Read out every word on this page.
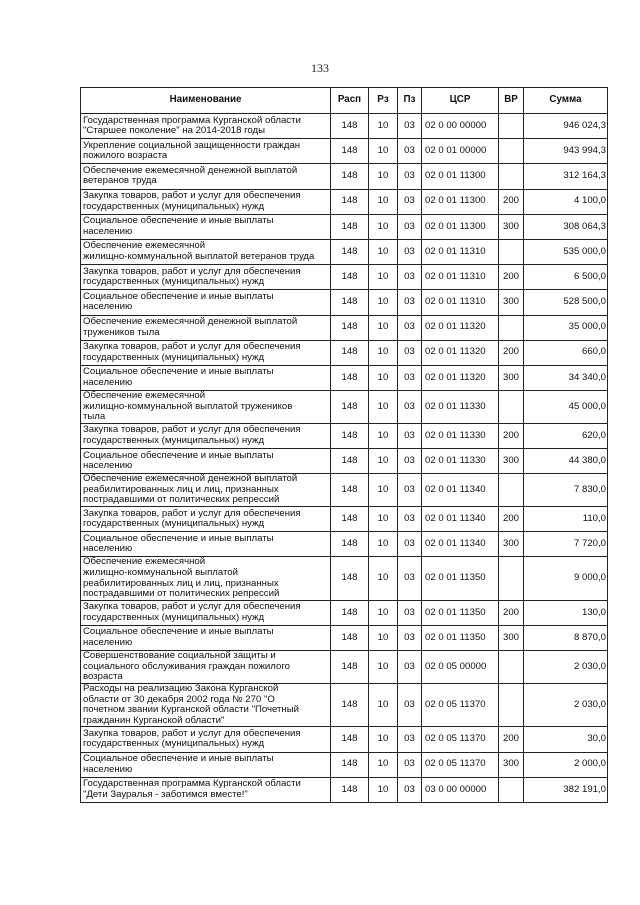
133
Наименование	Расп	Рз	Пз	ЦСР	ВР	Сумма

Государственная программа Курганской области
"Старшее поколение" на 2014-2018 годы	148	10	03	02 0 00 00000		946 024,3

Укрепление социальной защищенности граждан
пожилого возраста	148	10	03	02 0 01 00000		943 994,3

Обеспечение ежемесячной денежной выплатой
ветеранов труда	148	10	03	02 0 01 11300		312 164,3

Закупка товаров, работ и услуг для обеспечения
государственных (муниципальных) нужд	148	10	03	02 0 01 11300	200	4 100,0

Социальное обеспечение и иные выплаты
населению	148	10	03	02 0 01 11300	300	308 064,3

Обеспечение ежемесячной
жилищно-коммунальной выплатой ветеранов труда	148	10	03	02 0 01 11310		535 000,0

Закупка товаров, работ и услуг для обеспечения
государственных (муниципальных) нужд	148	10	03	02 0 01 11310	200	6 500,0

Социальное обеспечение и иные выплаты
населению	148	10	03	02 0 01 11310	300	528 500,0

Обеспечение ежемесячной денежной выплатой
тружеников тыла	148	10	03	02 0 01 11320		35 000,0

Закупка товаров, работ и услуг для обеспечения
государственных (муниципальных) нужд	148	10	03	02 0 01 11320	200	660,0

Социальное обеспечение и иные выплаты
населению	148	10	03	02 0 01 11320	300	34 340,0

Обеспечение ежемесячной
жилищно-коммунальной выплатой тружеников
тыла	148	10	03	02 0 01 11330		45 000,0

Закупка товаров, работ и услуг для обеспечения
государственных (муниципальных) нужд	148	10	03	02 0 01 11330	200	620,0

Социальное обеспечение и иные выплаты
населению	148	10	03	02 0 01 11330	300	44 380,0

Обеспечение ежемесячной денежной выплатой
реабилитированных лиц и лиц, признанных
пострадавшими от политических репрессий	148	10	03	02 0 01 11340		7 830,0

Закупка товаров, работ и услуг для обеспечения
государственных (муниципальных) нужд	148	10	03	02 0 01 11340	200	110,0

Социальное обеспечение и иные выплаты
населению	148	10	03	02 0 01 11340	300	7 720,0

Обеспечение ежемесячной
жилищно-коммунальной выплатой
реабилитированных лиц и лиц, признанных
пострадавшими от политических репрессий	148	10	03	02 0 01 11350		9 000,0

Закупка товаров, работ и услуг для обеспечения
государственных (муниципальных) нужд	148	10	03	02 0 01 11350	200	130,0

Социальное обеспечение и иные выплаты
населению	148	10	03	02 0 01 11350	300	8 870,0

Совершенствование социальной защиты и
социального обслуживания граждан пожилого
возраста	148	10	03	02 0 05 00000		2 030,0

Расходы на реализацию Закона Курганской
области от 30 декабря 2002 года № 270 "О
почетном звании Курганской области "Почетный
гражданин Курганской области"	148	10	03	02 0 05 11370		2 030,0

Закупка товаров, работ и услуг для обеспечения
государственных (муниципальных) нужд	148	10	03	02 0 05 11370	200	30,0

Социальное обеспечение и иные выплаты
населению	148	10	03	02 0 05 11370	300	2 000,0

Государственная программа Курганской области
"Дети Зауралья - заботимся вместе!"	148	10	03	03 0 00 00000		382 191,0
